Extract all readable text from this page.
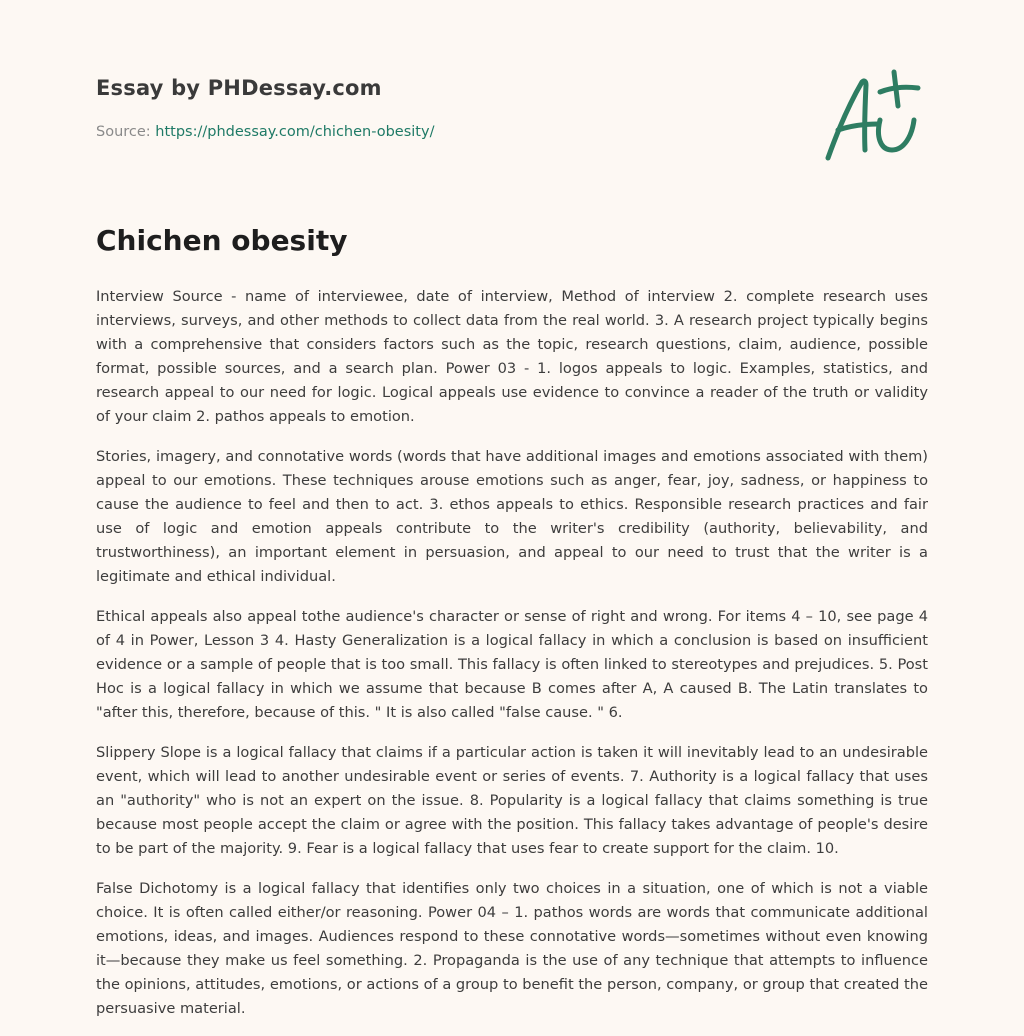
Essay by PHDessay.com
Source: https://phdessay.com/chichen-obesity/
Chichen obesity

Interview Source - name of interviewee, date of interview, Method of interview 2. complete research uses interviews, surveys, and other methods to collect data from the real world. 3. A research project typically begins with a comprehensive that considers factors such as the topic, research questions, claim, audience, possible format, possible sources, and a search plan. Power 03 - 1. logos appeals to logic. Examples, statistics, and research appeal to our need for logic. Logical appeals use evidence to convince a reader of the truth or validity of your claim 2. pathos appeals to emotion.

Stories, imagery, and connotative words (words that have additional images and emotions associated with them) appeal to our emotions. These techniques arouse emotions such as anger, fear, joy, sadness, or happiness to cause the audience to feel and then to act. 3. ethos appeals to ethics. Responsible research practices and fair use of logic and emotion appeals contribute to the writer's credibility (authority, believability, and trustworthiness), an important element in persuasion, and appeal to our need to trust that the writer is a legitimate and ethical individual.

Ethical appeals also appeal tothe audience's character or sense of right and wrong. For items 4 – 10, see page 4 of 4 in Power, Lesson 3 4. Hasty Generalization is a logical fallacy in which a conclusion is based on insufficient evidence or a sample of people that is too small. This fallacy is often linked to stereotypes and prejudices. 5. Post Hoc is a logical fallacy in which we assume that because B comes after A, A caused B. The Latin translates to "after this, therefore, because of this. " It is also called "false cause. " 6.

Slippery Slope is a logical fallacy that claims if a particular action is taken it will inevitably lead to an undesirable event, which will lead to another undesirable event or series of events. 7. Authority is a logical fallacy that uses an "authority" who is not an expert on the issue. 8. Popularity is a logical fallacy that claims something is true because most people accept the claim or agree with the position. This fallacy takes advantage of people's desire to be part of the majority. 9. Fear is a logical fallacy that uses fear to create support for the claim. 10.

False Dichotomy is a logical fallacy that identifies only two choices in a situation, one of which is not a viable choice. It is often called either/or reasoning. Power 04 – 1. pathos words are words that communicate additional emotions, ideas, and images. Audiences respond to these connotative words—sometimes without even knowing it—because they make us feel something. 2. Propaganda is the use of any technique that attempts to influence the opinions, attitudes, emotions, or actions of a group to benefit the person, company, or group that created the persuasive material.
